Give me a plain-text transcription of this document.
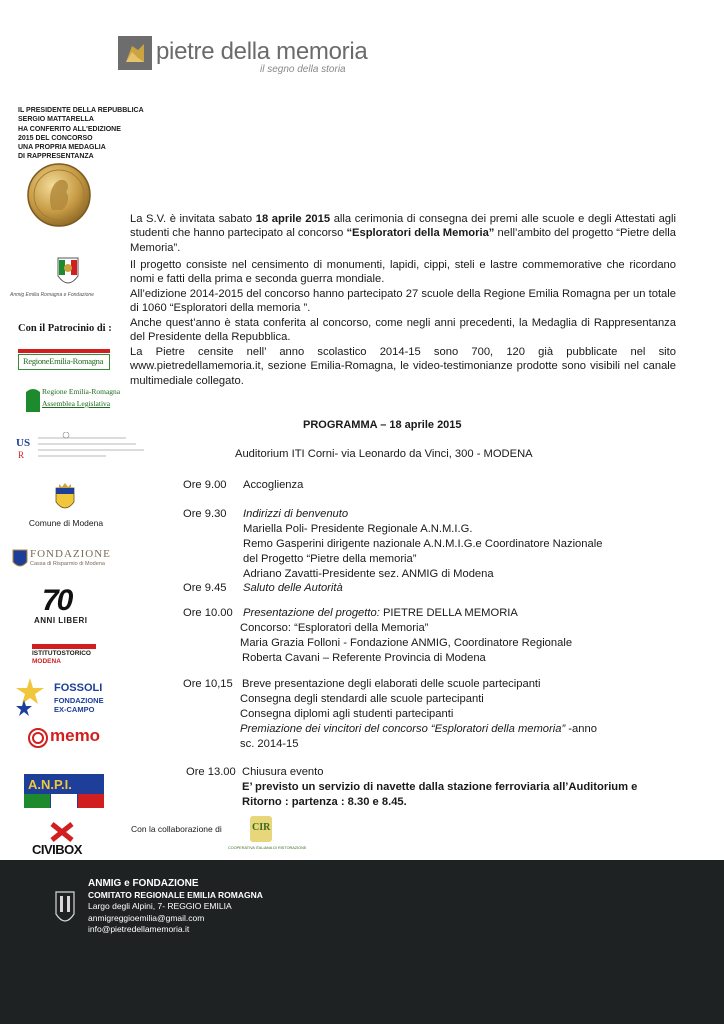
pietre della memoria
il segno della storia
IL PRESIDENTE DELLA REPUBBLICA
SERGIO MATTARELLA
HA CONFERITO ALL'EDIZIONE
2015 DEL CONCORSO
UNA PROPRIA MEDAGLIA
DI RAPPRESENTANZA
Anmig Emilia Romagna e Fondazione
Con il Patrocinio di :
RegioneEmilia-Romagna
Regione Emilia-Romagna
Assemblea Legislativa
US
R
Comune di Modena
FONDAZIONE
Cassa di Risparmio di Modena
70
ANNI LIBERI
ISTITUTOSTORICO
MODENA
FOSSOLI
FONDAZIONE
EX-CAMPO
memo
A.N.P.I.
CIVIBOX
La S.V. è invitata sabato 18 aprile 2015 alla cerimonia di consegna dei premi alle scuole e degli Attestati agli studenti che hanno partecipato al concorso “Esploratori della Memoria” nell’ambito del progetto “Pietre della Memoria”.
Il progetto consiste nel censimento di monumenti, lapidi, cippi, steli e lastre commemorative che ricordano nomi e fatti della prima e seconda guerra mondiale.
All’edizione 2014-2015 del concorso hanno partecipato 27 scuole della Regione Emilia Romagna per un totale di 1060 “Esploratori della memoria ”.
Anche quest’anno è stata conferita al concorso, come negli anni precedenti, la Medaglia di Rappresentanza del Presidente della Repubblica.
La Pietre censite nell’ anno scolastico 2014-15 sono 700, 120 già pubblicate nel sito www.pietredellamemoria.it, sezione Emilia-Romagna, le video-testimonianze prodotte sono visibili nel canale multimediale collegato.
PROGRAMMA – 18 aprile 2015
Auditorium ITI Corni- via Leonardo da Vinci, 300 - MODENA
Ore 9.00 Accoglienza
Ore 9.30 Indirizzi di benvenuto
Mariella Poli- Presidente Regionale A.N.M.I.G.
Remo Gasperini dirigente nazionale A.N.M.I.G.e Coordinatore Nazionale
del Progetto “Pietre della memoria”
Adriano Zavatti-Presidente sez. ANMIG di Modena
Ore 9.45 Saluto delle Autorità
Ore 10.00 Presentazione del progetto: PIETRE DELLA MEMORIA
Concorso: “Esploratori della Memoria”
Maria Grazia Folloni - Fondazione ANMIG, Coordinatore Regionale
Roberta Cavani – Referente Provincia di Modena
Ore 10,15 Breve presentazione degli elaborati delle scuole partecipanti
Consegna degli stendardi alle scuole partecipanti
Consegna diplomi agli studenti partecipanti
Premiazione dei vincitori del concorso “Esploratori della memoria” -anno
sc. 2014-15
Ore 13.00 Chiusura evento
E’ previsto un servizio di navette dalla stazione ferroviaria all’Auditorium e
Ritorno : partenza : 8.30 e 8.45.
Con la collaborazione di	CIR
COOPERATIVA ITALIANA DI RISTORAZIONE
ANMIG e FONDAZIONE
COMITATO REGIONALE EMILIA ROMAGNA
Largo degli Alpini, 7- REGGIO EMILIA
anmigreggioemilia@gmail.com
info@pietredellamemoria.it
